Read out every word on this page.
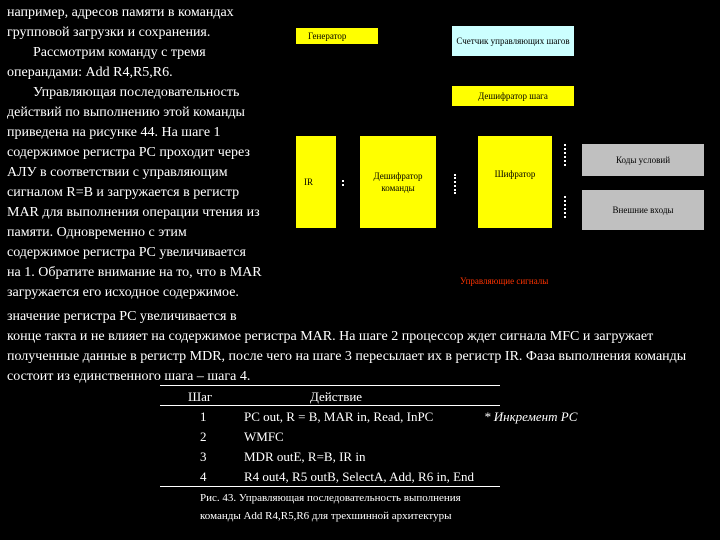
например, адресов памяти в командах
групповой загрузки и сохранения.
Рассмотрим команду с тремя
операндами: Add R4,R5,R6.
Управляющая последовательность
действий по выполнению этой команды
приведена на рисунке 44. На шаге 1
содержимое регистра PC проходит через
АЛУ в соответствии с управляющим
сигналом R=B и загружается в регистр
MAR для выполнения операции чтения из
памяти. Одновременно с этим
содержимое регистра PC увеличивается
на 1. Обратите внимание на то, что в MAR
загружается его исходное содержимое.
Генератор	Счетчик управляющих шагов
Дешифратор шага
IR
Дешифратор команды
Шифратор
Коды условий
Внешние входы
Управляющие сигналы
значение регистра PC увеличивается в
конце такта и не влияет на содержимое регистра MAR. На шаге 2 процессор ждет сигнала MFC и загружает
полученные данные в регистр MDR, после чего на шаге 3 пересылает их в регистр IR. Фаза выполнения команды
состоит из единственного шага – шага 4.
Шаг	Действие
1	PC out, R = B, MAR in, Read, InPC	* Инкремент PC
2	WMFC
3	MDR outE, R=B, IR in
4	R4 out4, R5 outB, SelectA, Add, R6 in, End
Рис. 43. Управляющая последовательность выполнения
команды Add R4,R5,R6 для трехшинной архитектуры
